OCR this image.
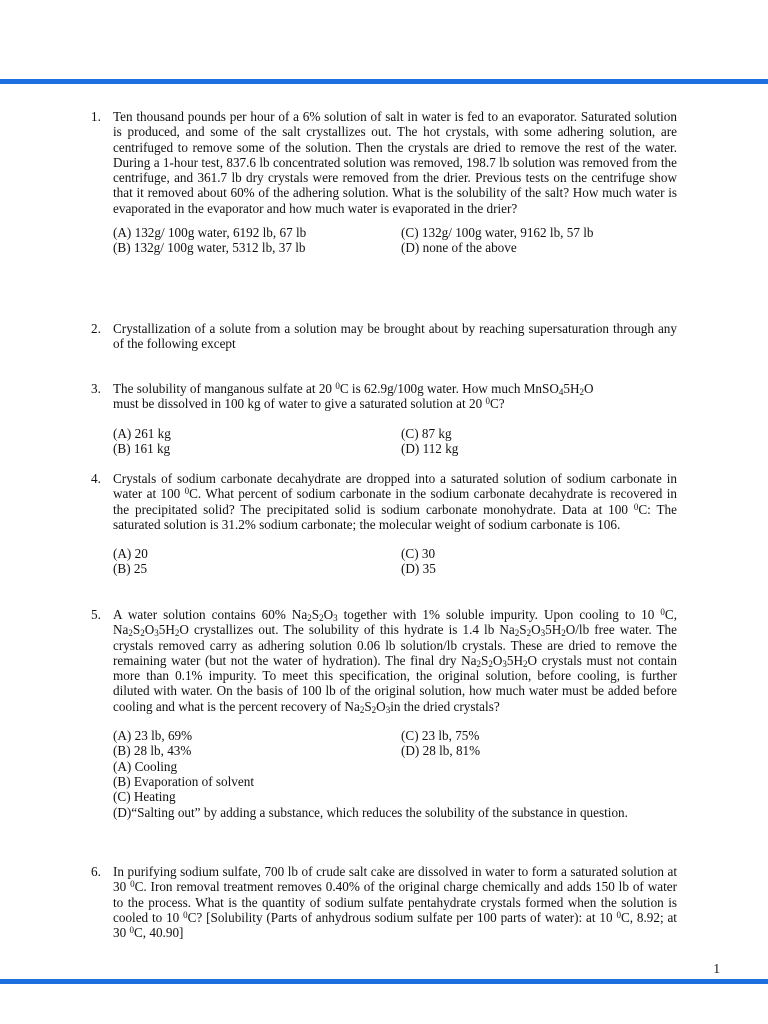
1. Ten thousand pounds per hour of a 6% solution of salt in water is fed to an evaporator. Saturated solution is produced, and some of the salt crystallizes out. The hot crystals, with some adhering solution, are centrifuged to remove some of the solution. Then the crystals are dried to remove the rest of the water. During a 1-hour test, 837.6 lb concentrated solution was removed, 198.7 lb solution was removed from the centrifuge, and 361.7 lb dry crystals were removed from the drier. Previous tests on the centrifuge show that it removed about 60% of the adhering solution. What is the solubility of the salt? How much water is evaporated in the evaporator and how much water is evaporated in the drier?
(A) 132g/ 100g water, 6192 lb, 67 lb	(C) 132g/ 100g water, 9162 lb, 57 lb
(B) 132g/ 100g water, 5312 lb, 37 lb	(D) none of the above
2. Crystallization of a solute from a solution may be brought about by reaching supersaturation through any of the following except
3. The solubility of manganous sulfate at 20 $^0$C is 62.9g/100g water. How much $MnSO_45H_2O$
must be dissolved in 100 kg of water to give a saturated solution at 20 $^0$C?
(A) 261 kg	(C) 87 kg
(B) 161 kg	(D) 112 kg
4. Crystals of sodium carbonate decahydrate are dropped into a saturated solution of sodium carbonate in water at 100 $^0$C. What percent of sodium carbonate in the sodium carbonate decahydrate is recovered in the precipitated solid? The precipitated solid is sodium carbonate monohydrate. Data at 100 $^0$C: The saturated solution is 31.2% sodium carbonate; the molecular weight of sodium carbonate is 106.
(A) 20	(C) 30
(B) 25	(D) 35
5. A water solution contains 60% $Na_2S_2O_3$ together with 1% soluble impurity. Upon cooling to 10 $^0$C, $Na_2S_2O_35H_2O$ crystallizes out. The solubility of this hydrate is 1.4 lb $Na_2S_2O_35H_2O/lb$ free water. The crystals removed carry as adhering solution 0.06 lb solution/lb crystals. These are dried to remove the remaining water (but not the water of hydration). The final dry $Na_2S_2O_35H_2O$ crystals must not contain more than 0.1% impurity. To meet this specification, the original solution, before cooling, is further diluted with water. On the basis of 100 lb of the original solution, how much water must be added before cooling and what is the percent recovery of $Na_2S_2O_3in$ the dried crystals?
(A) 23 lb, 69%	(C) 23 lb, 75%
(B) 28 lb, 43%	(D) 28 lb, 81%
(A) Cooling
(B) Evaporation of solvent
(C) Heating
(D)“Salting out” by adding a substance, which reduces the solubility of the substance in question.
6. In purifying sodium sulfate, 700 lb of crude salt cake are dissolved in water to form a saturated solution at 30 $^0$C. Iron removal treatment removes 0.40% of the original charge chemically and adds 150 lb of water to the process. What is the quantity of sodium sulfate pentahydrate crystals formed when the solution is cooled to 10 $^0$C? [Solubility (Parts of anhydrous sodium sulfate per 100 parts of water): at 10 $^0$C, 8.92; at 30 $^0$C, 40.90]
1
